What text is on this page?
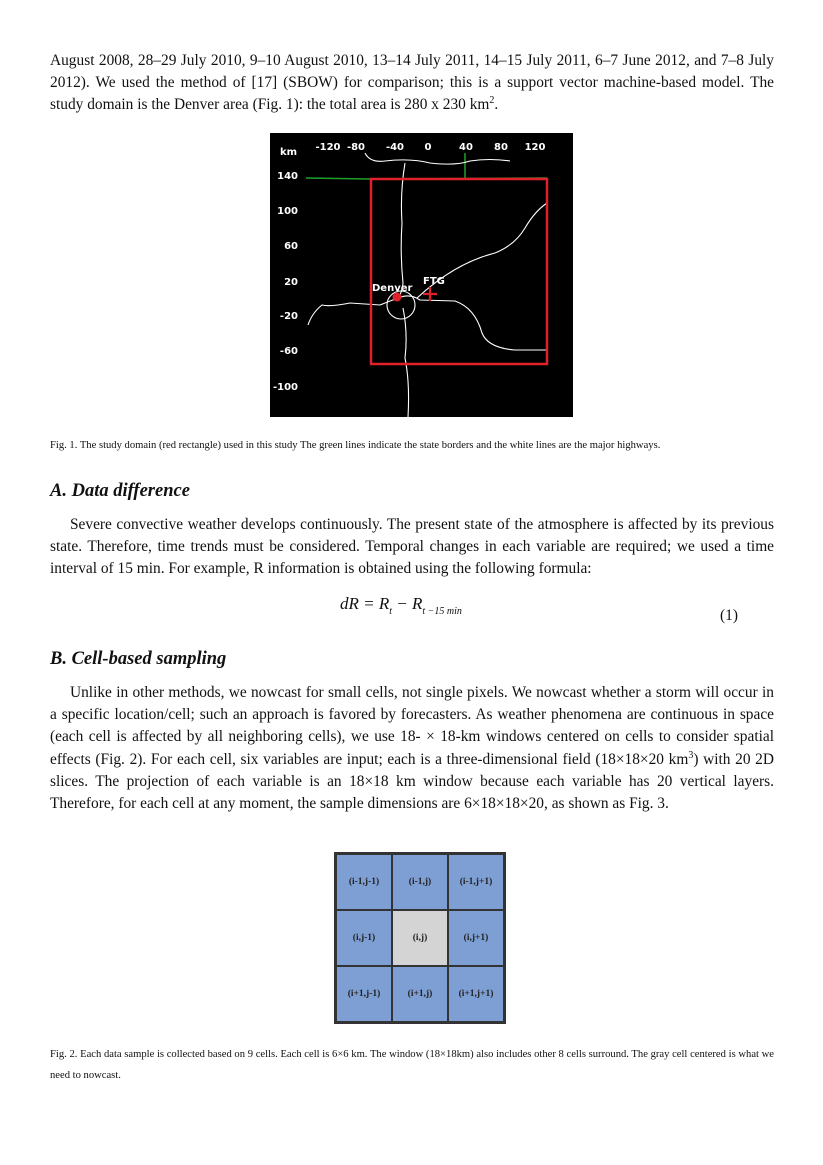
August 2008, 28–29 July 2010, 9–10 August 2010, 13–14 July 2011, 14–15 July 2011, 6–7 June 2012, and 7–8 July 2012). We used the method of [17] (SBOW) for comparison; this is a support vector machine-based model. The study domain is the Denver area (Fig. 1): the total area is 280 x 230 $km^2$.

km -120 -80 -40 0	40 80 120
140
100
60
20
-20
-60
-100
Denver
FTG

Fig. 1. The study domain (red rectangle) used in this study The green lines indicate the state borders and the white lines are the major highways.

A. Data difference

Severe convective weather develops continuously. The present state of the atmosphere is affected by its previous state. Therefore, time trends must be considered. Temporal changes in each variable are required; we used a time interval of 15 min. For example, R information is obtained using the following formula:

dR = $R_t - R_{t -15 min}$	(1)
B. Cell-based sampling

Unlike in other methods, we nowcast for small cells, not single pixels. We nowcast whether a storm will occur in a specific location/cell; such an approach is favored by forecasters. As weather phenomena are continuous in space (each cell is affected by all neighboring cells), we use 18- × 18-km windows centered on cells to consider spatial effects (Fig. 2). For each cell, six variables are input; each is a three-dimensional field (18×18×20 $km^3$) with 20 2D slices. The projection of each variable is an 18×18 km window because each variable has 20 vertical layers. Therefore, for each cell at any moment, the sample dimensions are 6×18×18×20, as shown as Fig. 3.

(i-1,j-1)	(i-1,j)	(i-1,j+1)
(i,j-1)	(i,j)	(i,j+1)
(i+1,j-1)	(i+1,j)	(i+1,j+1)

Fig. 2. Each data sample is collected based on 9 cells. Each cell is 6×6 km. The window (18×18km) also includes other 8 cells surround. The gray cell centered is what we need to nowcast.
